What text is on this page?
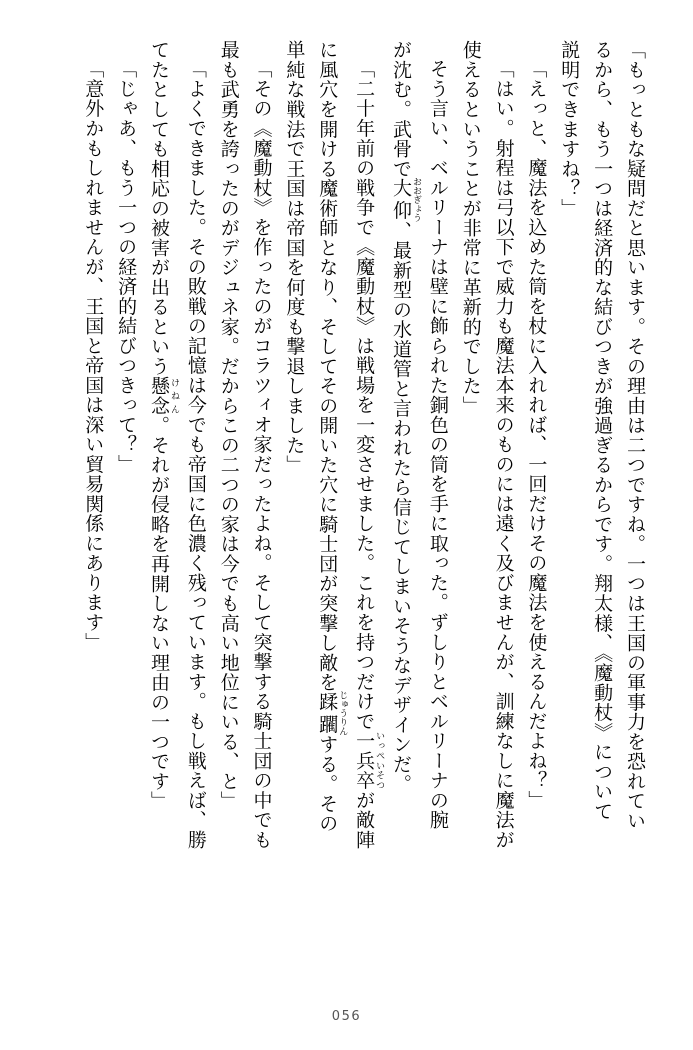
「もっともな疑問だと思います。その理由は二つですね。一つは王国の軍事力を恐れてい

るから、もう一つは経済的な結びつきが強過ぎるからです。翔太様、《魔動杖》について

説明できますね？」

「えっと、魔法を込めた筒を杖に入れれば、一回だけその魔法を使えるんだよね？」

「はい。射程は弓以下で威力も魔法本来のものには遠く及びませんが、訓練なしに魔法が

使えるということが非常に革新的でした」

そう言い、ベルリーナは壁に飾られた銅色の筒を手に取った。ずしりとベルリーナの腕

が沈む。武骨で大仰 おおぎょう、最新型の水道管と言われたら信じてしまいそうなデザインだ。

「二十年前の戦争で《魔動杖》は戦場を一変させました。これを持つだけで一兵卒 いっぺいそつが敵陣

に風穴を開ける魔術師となり、そしてその開いた穴に騎士団が突撃し敵を蹂躙 じゅうりんする。その

単純な戦法で王国は帝国を何度も撃退しました」

「その《魔動杖》を作ったのがコラツィオ家だったよね。そして突撃する騎士団の中でも

最も武勇を誇ったのがデジュネ家。だからこの二つの家は今でも高い地位にいる、と」

「よくできました。その敗戦の記憶は今でも帝国に色濃く残っています。もし戦えば、勝

てたとしても相応の被害が出るという懸念 けねん。それが侵略を再開しない理由の一つです」

「じゃあ、もう一つの経済的結びつきって？」

「意外かもしれませんが、王国と帝国は深い貿易関係にあります」

056
